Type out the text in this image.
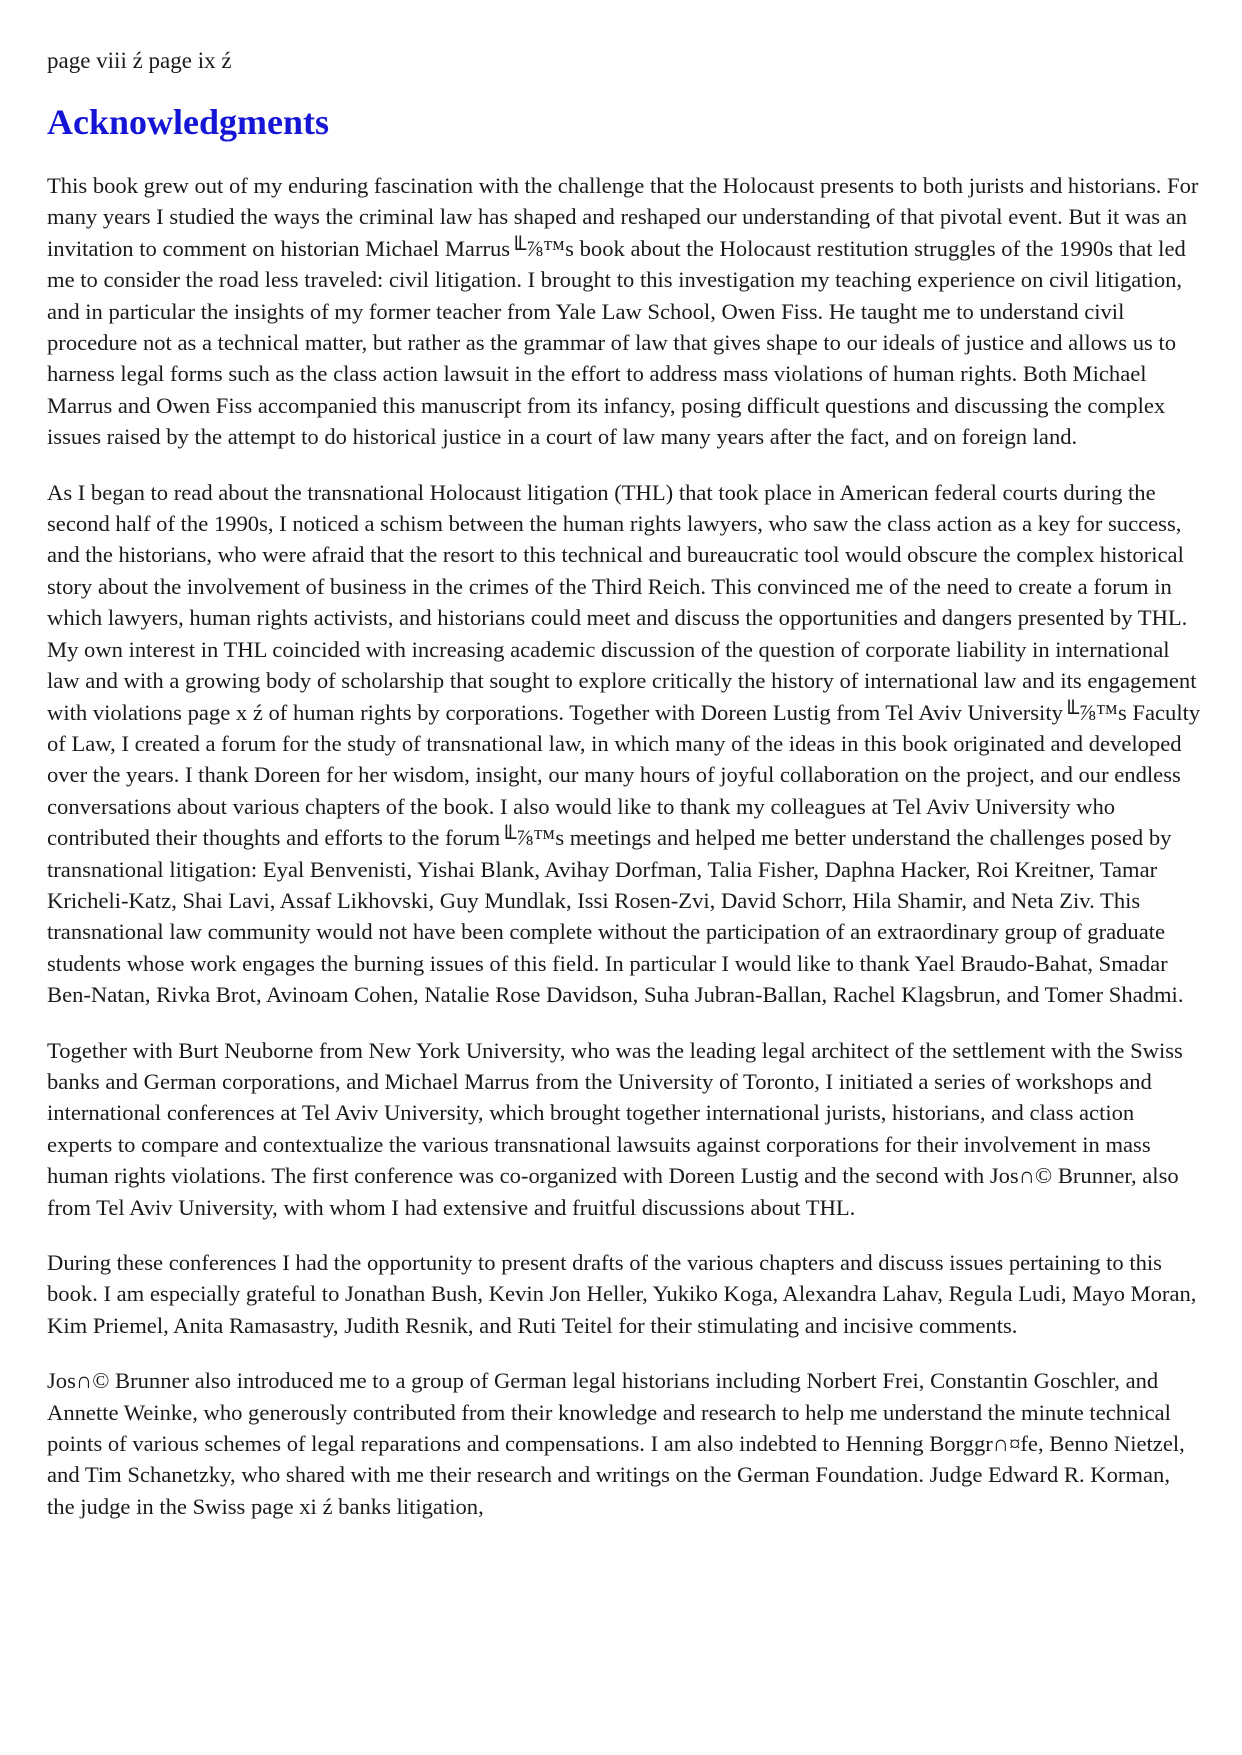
page viii ź page ix ź
Acknowledgments

This book grew out of my enduring fascination with the challenge that the Holocaust presents to both jurists and historians. For many years I studied the ways the criminal law has shaped and reshaped our understanding of that pivotal event. But it was an invitation to comment on historian Michael Marrus╙⅞™s book about the Holocaust restitution struggles of the 1990s that led me to consider the road less traveled: civil litigation. I brought to this investigation my teaching experience on civil litigation, and in particular the insights of my former teacher from Yale Law School, Owen Fiss. He taught me to understand civil procedure not as a technical matter, but rather as the grammar of law that gives shape to our ideals of justice and allows us to harness legal forms such as the class action lawsuit in the effort to address mass violations of human rights. Both Michael Marrus and Owen Fiss accompanied this manuscript from its infancy, posing difficult questions and discussing the complex issues raised by the attempt to do historical justice in a court of law many years after the fact, and on foreign land.

As I began to read about the transnational Holocaust litigation (THL) that took place in American federal courts during the second half of the 1990s, I noticed a schism between the human rights lawyers, who saw the class action as a key for success, and the historians, who were afraid that the resort to this technical and bureaucratic tool would obscure the complex historical story about the involvement of business in the crimes of the Third Reich. This convinced me of the need to create a forum in which lawyers, human rights activists, and historians could meet and discuss the opportunities and dangers presented by THL. My own interest in THL coincided with increasing academic discussion of the question of corporate liability in international law and with a growing body of scholarship that sought to explore critically the history of international law and its engagement with violations page x ź of human rights by corporations. Together with Doreen Lustig from Tel Aviv University╙⅞™s Faculty of Law, I created a forum for the study of transnational law, in which many of the ideas in this book originated and developed over the years. I thank Doreen for her wisdom, insight, our many hours of joyful collaboration on the project, and our endless conversations about various chapters of the book. I also would like to thank my colleagues at Tel Aviv University who contributed their thoughts and efforts to the forum╙⅞™s meetings and helped me better understand the challenges posed by transnational litigation: Eyal Benvenisti, Yishai Blank, Avihay Dorfman, Talia Fisher, Daphna Hacker, Roi Kreitner, Tamar Kricheli-Katz, Shai Lavi, Assaf Likhovski, Guy Mundlak, Issi Rosen-Zvi, David Schorr, Hila Shamir, and Neta Ziv. This transnational law community would not have been complete without the participation of an extraordinary group of graduate students whose work engages the burning issues of this field. In particular I would like to thank Yael Braudo-Bahat, Smadar Ben-Natan, Rivka Brot, Avinoam Cohen, Natalie Rose Davidson, Suha Jubran-Ballan, Rachel Klagsbrun, and Tomer Shadmi.

Together with Burt Neuborne from New York University, who was the leading legal architect of the settlement with the Swiss banks and German corporations, and Michael Marrus from the University of Toronto, I initiated a series of workshops and international conferences at Tel Aviv University, which brought together international jurists, historians, and class action experts to compare and contextualize the various transnational lawsuits against corporations for their involvement in mass human rights violations. The first conference was co-organized with Doreen Lustig and the second with Jos∩© Brunner, also from Tel Aviv University, with whom I had extensive and fruitful discussions about THL.

During these conferences I had the opportunity to present drafts of the various chapters and discuss issues pertaining to this book. I am especially grateful to Jonathan Bush, Kevin Jon Heller, Yukiko Koga, Alexandra Lahav, Regula Ludi, Mayo Moran, Kim Priemel, Anita Ramasastry, Judith Resnik, and Ruti Teitel for their stimulating and incisive comments.

Jos∩© Brunner also introduced me to a group of German legal historians including Norbert Frei, Constantin Goschler, and Annette Weinke, who generously contributed from their knowledge and research to help me understand the minute technical points of various schemes of legal reparations and compensations. I am also indebted to Henning Borggr∩¤fe, Benno Nietzel, and Tim Schanetzky, who shared with me their research and writings on the German Foundation. Judge Edward R. Korman, the judge in the Swiss page xi ź banks litigation,
